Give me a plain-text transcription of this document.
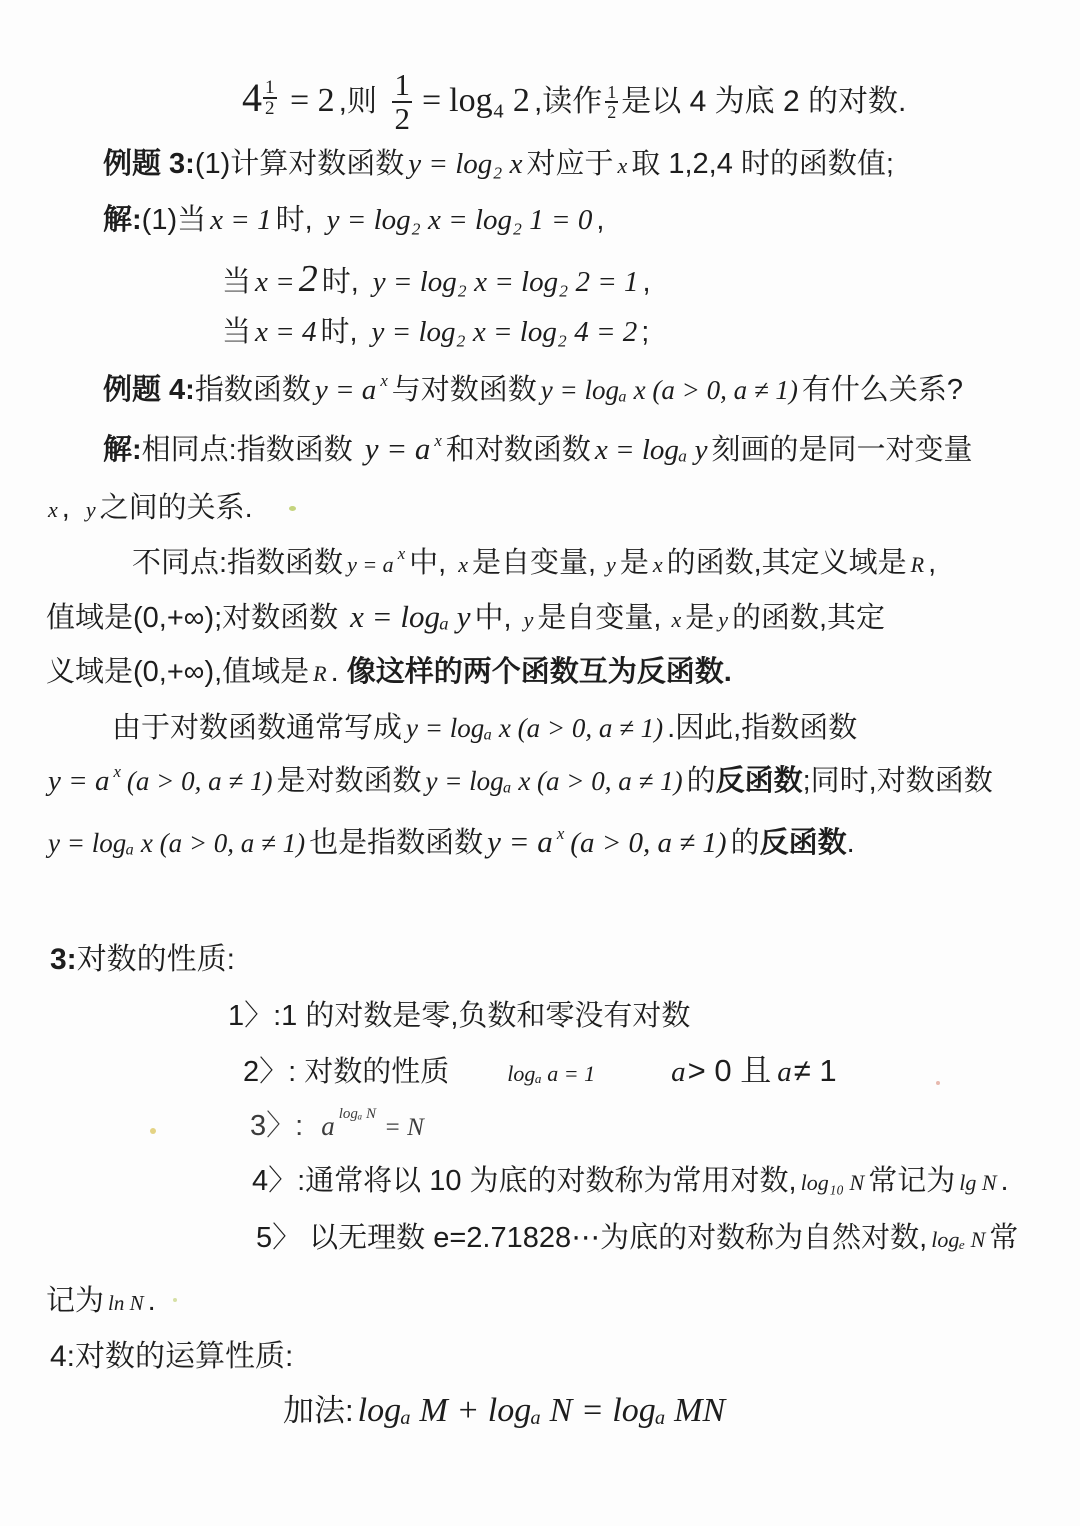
$4 \frac{1}{2} = 2$ ,则 $\frac{1}{2} = \log_4$ 2 ,读作 $\frac{1}{2}$ 是以 4 为底 2 的对数.
例题 3:(1)计算对数函数 y = log₂ x 对应于 x 取 1,2,4 时的函数值;
解:(1)当 x = 1 时, y = log₂ x = log₂ 1 = 0 ,
当 x = 2 时, y = log₂ x = log₂ 2 = 1 ,
当 x = 4 时, y = log₂ x = log₂ 4 = 2 ;
例题 4:指数函数 y = a $^x$ 与对数函数 y = logₐ x (a > 0, a ≠ 1) 有什么关系?
解:相同点:指数函数 y = a $^x$ 和对数函数 x = logₐ y 刻画的是同一对变量
x , y 之间的关系.
不同点:指数函数 y = a $^x$ 中, x 是自变量, y 是 x 的函数,其定义域是 R ,
值域是(0,+∞);对数函数 x = logₐ y 中, y 是自变量, x 是 y 的函数,其定
义域是(0,+∞),值域是 R . 像这样的两个函数互为反函数.
由于对数函数通常写成 y = logₐ x (a > 0, a ≠ 1) .因此,指数函数
y = a $^x$ (a > 0, a ≠ 1) 是对数函数 y = logₐ x (a > 0, a ≠ 1) 的反函数;同时,对数函数
y = logₐ x (a > 0, a ≠ 1) 也是指数函数 y = a $^x$ (a > 0, a ≠ 1) 的反函数.
3:对数的性质:
1〉:1 的对数是零,负数和零没有对数
2〉: 对数的性质	logₐ a = 1	a> 0 且 a≠ 1
3〉: a $^{log_a N}$ = N
4〉:通常将以 10 为底的对数称为常用对数, log₁₀ N 常记为 lg N .
5〉 以无理数 e=2.71828⋯为底的对数称为自然对数, logₑ N 常
记为 ln N .
4:对数的运算性质:
加法: logₐ M + logₐ N = logₐ MN
